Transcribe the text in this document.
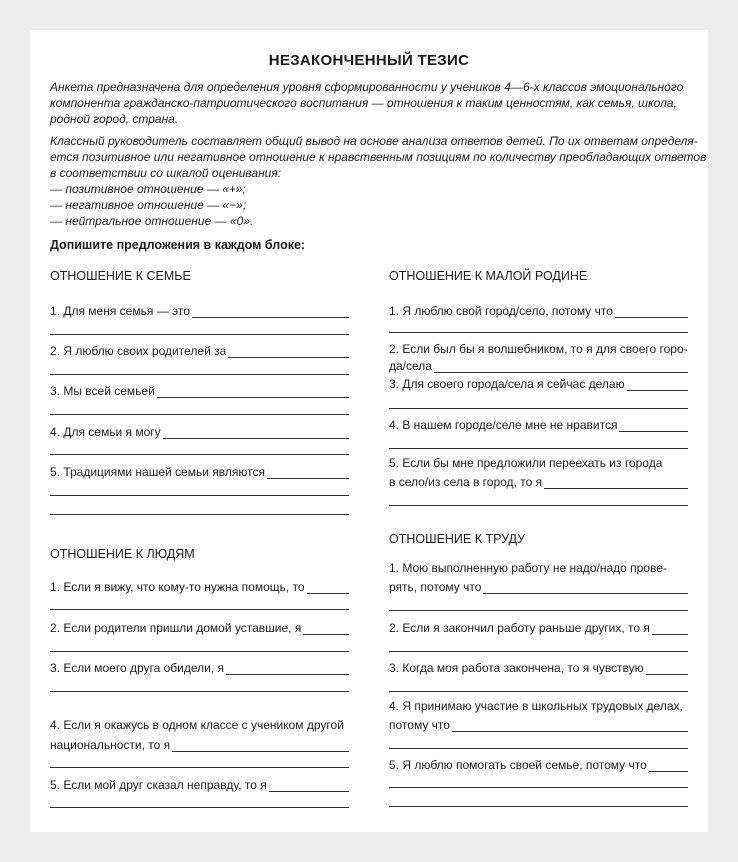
НЕЗАКОНЧЕННЫЙ ТЕЗИС
Анкета предназначена для определения уровня сформированности у учеников 4—6-х классов эмоционального
компонента гражданско-патриотического воспитания — отношения к таким ценностям, как семья, школа,
родной город, страна.
Классный руководитель составляет общий вывод на основе анализа ответов детей. По их ответам определя-
ется позитивное или негативное отношение к нравственным позициям по количеству преобладающих ответов
в соответствии со шкалой оценивания:
— позитивное отношение — «+»;
— негативное отношение — «−»;
— нейтральное отношение — «0».
Допишите предложения в каждом блоке:
ОТНОШЕНИЕ К СЕМЬЕ
1. Для меня семья — это
2. Я люблю своих родителей за
3. Мы всей семьей
4. Для семьи я могу
5. Традициями нашей семьи являются
ОТНОШЕНИЕ К ЛЮДЯМ
1. Если я вижу, что кому-то нужна помощь, то
2. Если родители пришли домой уставшие, я
3. Если моего друга обидели, я
4. Если я окажусь в одном классе с учеником другой
национальности, то я
5. Если мой друг сказал неправду, то я
ОТНОШЕНИЕ К МАЛОЙ РОДИНЕ
1. Я люблю свой город/село, потому что
2. Если был бы я волшебником, то я для своего горо-
да/села
3. Для своего города/села я сейчас делаю
4. В нашем городе/селе мне не нравится
5. Если бы мне предложили переехать из города
в село/из села в город, то я
ОТНОШЕНИЕ К ТРУДУ
1. Мою выполненную работу не надо/надо прове-
рять, потому что
2. Если я закончил работу раньше других, то я
3. Когда моя работа закончена, то я чувствую
4. Я принимаю участие в школьных трудовых делах,
потому что
5. Я люблю помогать своей семье, потому что
